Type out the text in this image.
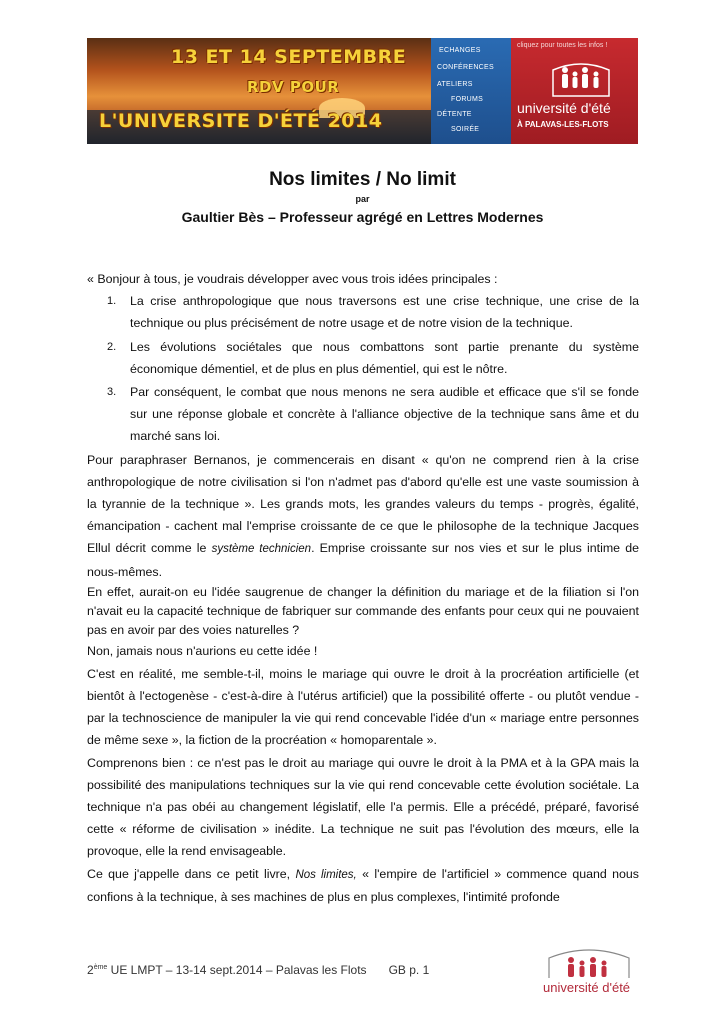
13 ET 14 SEPTEMBRE
RDV POUR
L'UNIVERSITE D'ÉTÉ 2014
ECHANGES
CONFÉRENCES
ATELIERS
FORUMS
DÉTENTE
SOIRÉE
cliquez pour toutes les infos !
université d'été
À PALAVAS-LES-FLOTS
Nos limites / No limit
par
Gaultier Bès – Professeur agrégé en Lettres Modernes

« Bonjour à tous, je voudrais développer avec vous trois idées principales :

1. La crise anthropologique que nous traversons est une crise technique, une crise de la technique ou plus précisément de notre usage et de notre vision de la technique.
2. Les évolutions sociétales que nous combattons sont partie prenante du système économique démentiel, et de plus en plus démentiel, qui est le nôtre.
3. Par conséquent, le combat que nous menons ne sera audible et efficace que s'il se fonde sur une réponse globale et concrète à l'alliance objective de la technique sans âme et du marché sans loi.

Pour paraphraser Bernanos, je commencerais en disant « qu'on ne comprend rien à la crise anthropologique de notre civilisation si l'on n'admet pas d'abord qu'elle est une vaste soumission à la tyrannie de la technique ». Les grands mots, les grandes valeurs du temps - progrès, égalité, émancipation - cachent mal l'emprise croissante de ce que le philosophe de la technique Jacques Ellul décrit comme le système technicien. Emprise croissante sur nos vies et sur le plus intime de nous-mêmes.

En effet, aurait-on eu l'idée saugrenue de changer la définition du mariage et de la filiation si l'on n'avait eu la capacité technique de fabriquer sur commande des enfants pour ceux qui ne pouvaient pas en avoir par des voies naturelles ?

Non, jamais nous n'aurions eu cette idée !

C'est en réalité, me semble-t-il, moins le mariage qui ouvre le droit à la procréation artificielle (et bientôt à l'ectogenèse - c'est-à-dire à l'utérus artificiel) que la possibilité offerte - ou plutôt vendue - par la technoscience de manipuler la vie qui rend concevable l'idée d'un « mariage entre personnes de même sexe », la fiction de la procréation « homoparentale ».

Comprenons bien : ce n'est pas le droit au mariage qui ouvre le droit à la PMA et à la GPA mais la possibilité des manipulations techniques sur la vie qui rend concevable cette évolution sociétale. La technique n'a pas obéi au changement législatif, elle l'a permis. Elle a précédé, préparé, favorisé cette « réforme de civilisation » inédite. La technique ne suit pas l'évolution des mœurs, elle la provoque, elle la rend envisageable.

Ce que j'appelle dans ce petit livre, Nos limites, « l'empire de l'artificiel » commence quand nous confions à la technique, à ses machines de plus en plus complexes, l'intimité profonde

2ème UE LMPT – 13-14 sept.2014 – Palavas les Flots GB p. 1
université d'été
